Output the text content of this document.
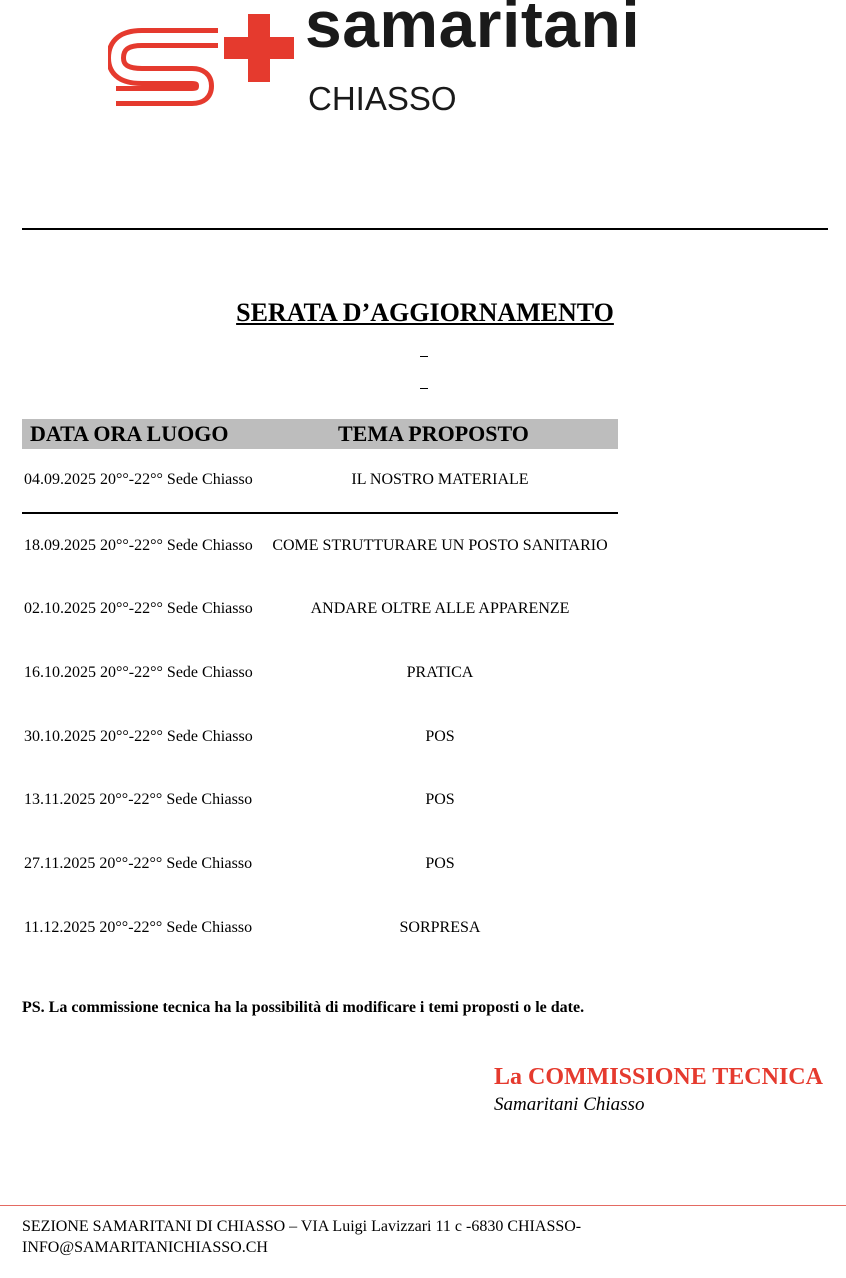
samaritani
CHIASSO
SERATA D’AGGIORNAMENTO
DATA ORA LUOGO	TEMA PROPOSTO
04.09.2025 20°°-22°° Sede Chiasso	IL NOSTRO MATERIALE
18.09.2025 20°°-22°° Sede Chiasso	COME STRUTTURARE UN POSTO SANITARIO
02.10.2025 20°°-22°° Sede Chiasso	ANDARE OLTRE ALLE APPARENZE
16.10.2025 20°°-22°° Sede Chiasso	PRATICA
30.10.2025 20°°-22°° Sede Chiasso	POS
13.11.2025 20°°-22°° Sede Chiasso	POS
27.11.2025 20°°-22°° Sede Chiasso	POS
11.12.2025 20°°-22°° Sede Chiasso	SORPRESA
PS. La commissione tecnica ha la possibilità di modificare i temi proposti o le date.
La COMMISSIONE TECNICA
Samaritani Chiasso
SEZIONE SAMARITANI DI CHIASSO – VIA Luigi Lavizzari 11 c -6830 CHIASSO-
INFO@SAMARITANICHIASSO.CH
